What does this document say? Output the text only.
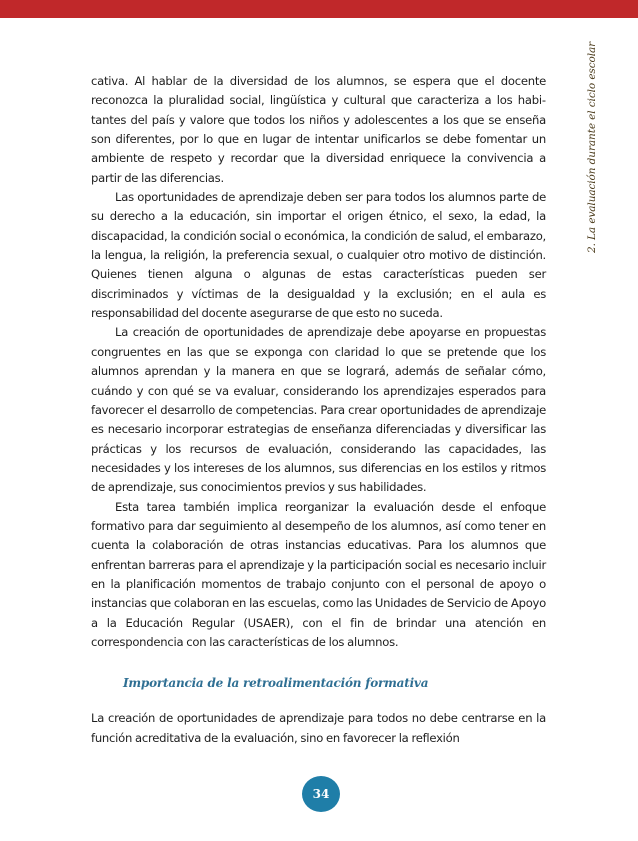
2. La evaluación durante el ciclo escolar

cativa. Al hablar de la diversidad de los alumnos, se espera que el docente reconozca la pluralidad social, lingüística y cultural que caracteriza a los habitantes del país y valore que todos los niños y adolescentes a los que se enseña son diferentes, por lo que en lugar de intentar unificarlos se debe fomentar un ambiente de respeto y recordar que la diversidad enriquece la convivencia a partir de las diferencias.

Las oportunidades de aprendizaje deben ser para todos los alumnos parte de su derecho a la educación, sin importar el origen étnico, el sexo, la edad, la discapacidad, la condición social o económica, la condición de salud, el embarazo, la lengua, la religión, la preferencia sexual, o cualquier otro motivo de distinción. Quienes tienen alguna o algunas de estas características pueden ser discriminados y víctimas de la desigualdad y la exclusión; en el aula es responsabilidad del docente asegurarse de que esto no suceda.

La creación de oportunidades de aprendizaje debe apoyarse en propuestas congruentes en las que se exponga con claridad lo que se pretende que los alumnos aprendan y la manera en que se logrará, además de señalar cómo, cuándo y con qué se va evaluar, considerando los aprendizajes esperados para favorecer el desarrollo de competencias. Para crear oportunidades de aprendizaje es necesario incorporar estrategias de enseñanza diferenciadas y diversificar las prácticas y los recursos de evaluación, considerando las capacidades, las necesidades y los intereses de los alumnos, sus diferencias en los estilos y ritmos de aprendizaje, sus conocimientos previos y sus habilidades.

Esta tarea también implica reorganizar la evaluación desde el enfoque formativo para dar seguimiento al desempeño de los alumnos, así como tener en cuenta la colaboración de otras instancias educativas. Para los alumnos que enfrentan barreras para el aprendizaje y la participación social es necesario incluir en la planificación momentos de trabajo conjunto con el personal de apoyo o instancias que colaboran en las escuelas, como las Unidades de Servicio de Apoyo a la Educación Regular (USAER), con el fin de brindar una atención en correspondencia con las características de los alumnos.

Importancia de la retroalimentación formativa

La creación de oportunidades de aprendizaje para todos no debe centrarse en la función acreditativa de la evaluación, sino en favorecer la reflexión

34
